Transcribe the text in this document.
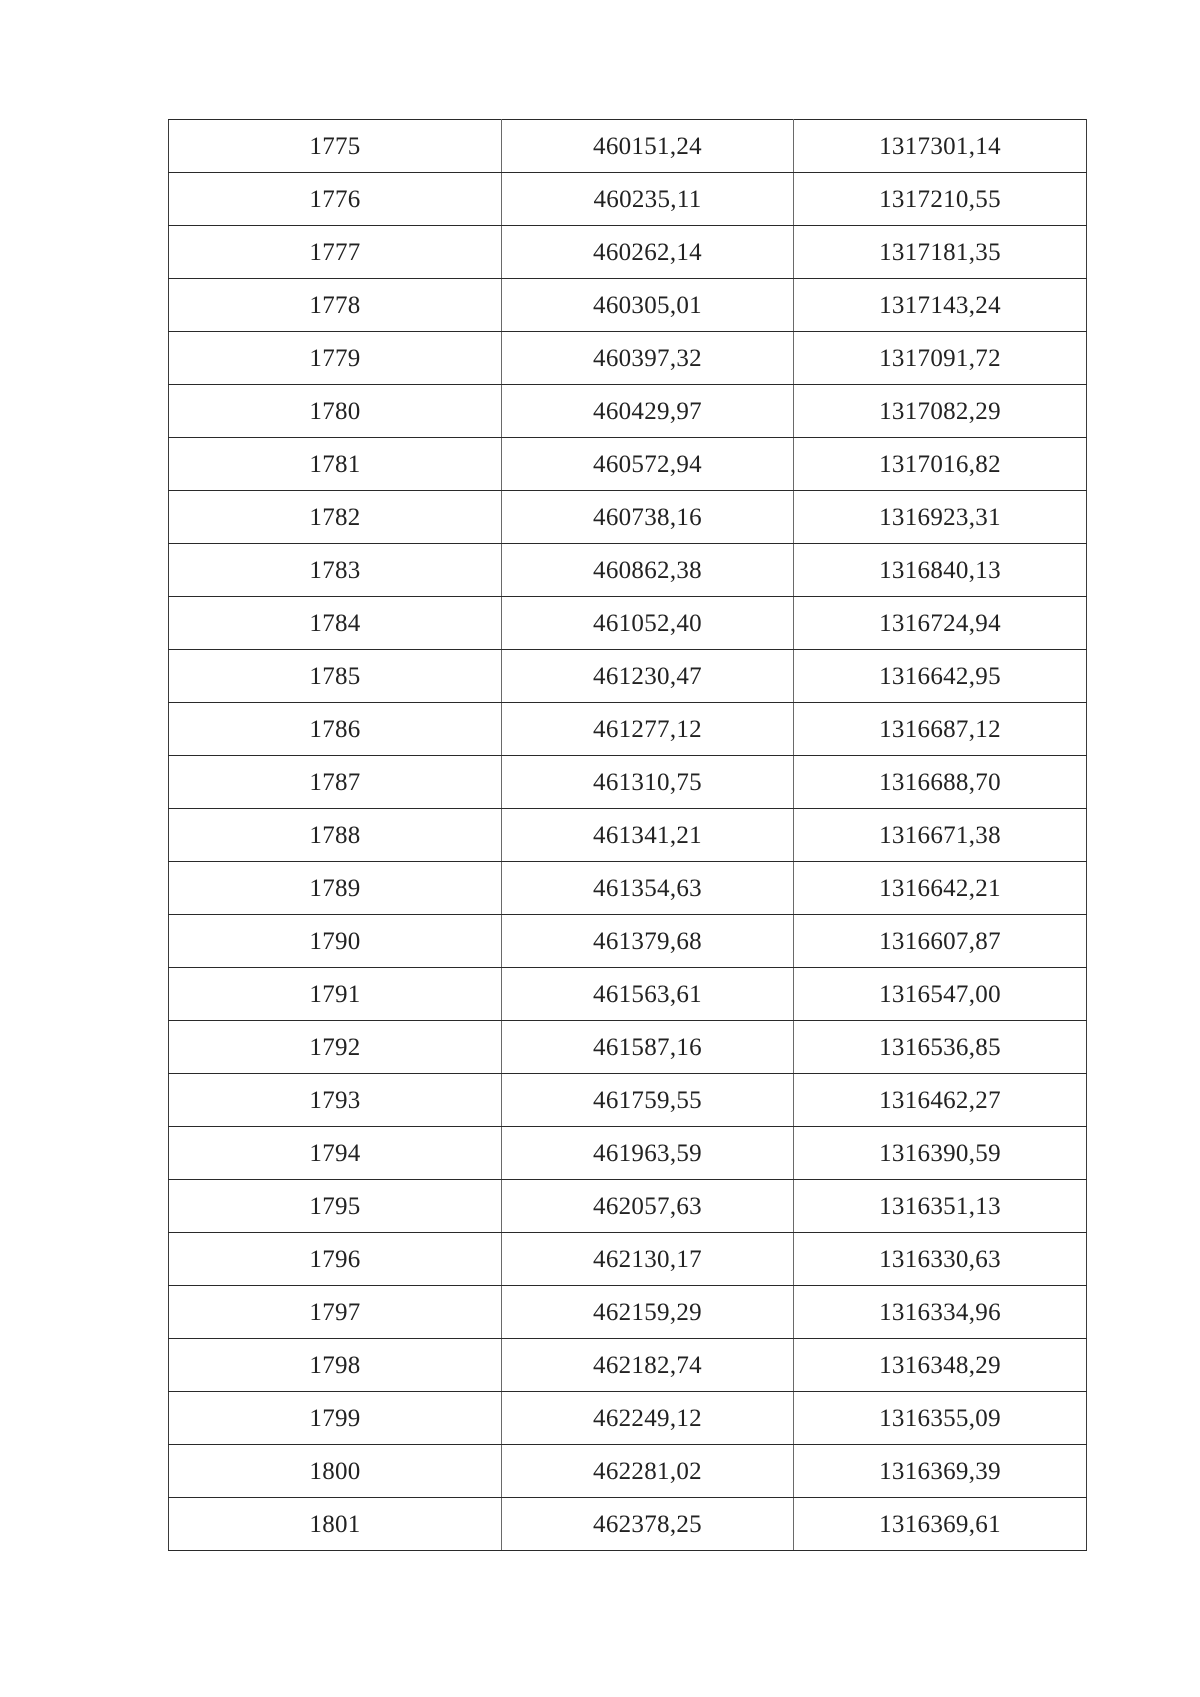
1775	460151,24	1317301,14
1776	460235,11	1317210,55
1777	460262,14	1317181,35
1778	460305,01	1317143,24
1779	460397,32	1317091,72
1780	460429,97	1317082,29
1781	460572,94	1317016,82
1782	460738,16	1316923,31
1783	460862,38	1316840,13
1784	461052,40	1316724,94
1785	461230,47	1316642,95
1786	461277,12	1316687,12
1787	461310,75	1316688,70
1788	461341,21	1316671,38
1789	461354,63	1316642,21
1790	461379,68	1316607,87
1791	461563,61	1316547,00
1792	461587,16	1316536,85
1793	461759,55	1316462,27
1794	461963,59	1316390,59
1795	462057,63	1316351,13
1796	462130,17	1316330,63
1797	462159,29	1316334,96
1798	462182,74	1316348,29
1799	462249,12	1316355,09
1800	462281,02	1316369,39
1801	462378,25	1316369,61
